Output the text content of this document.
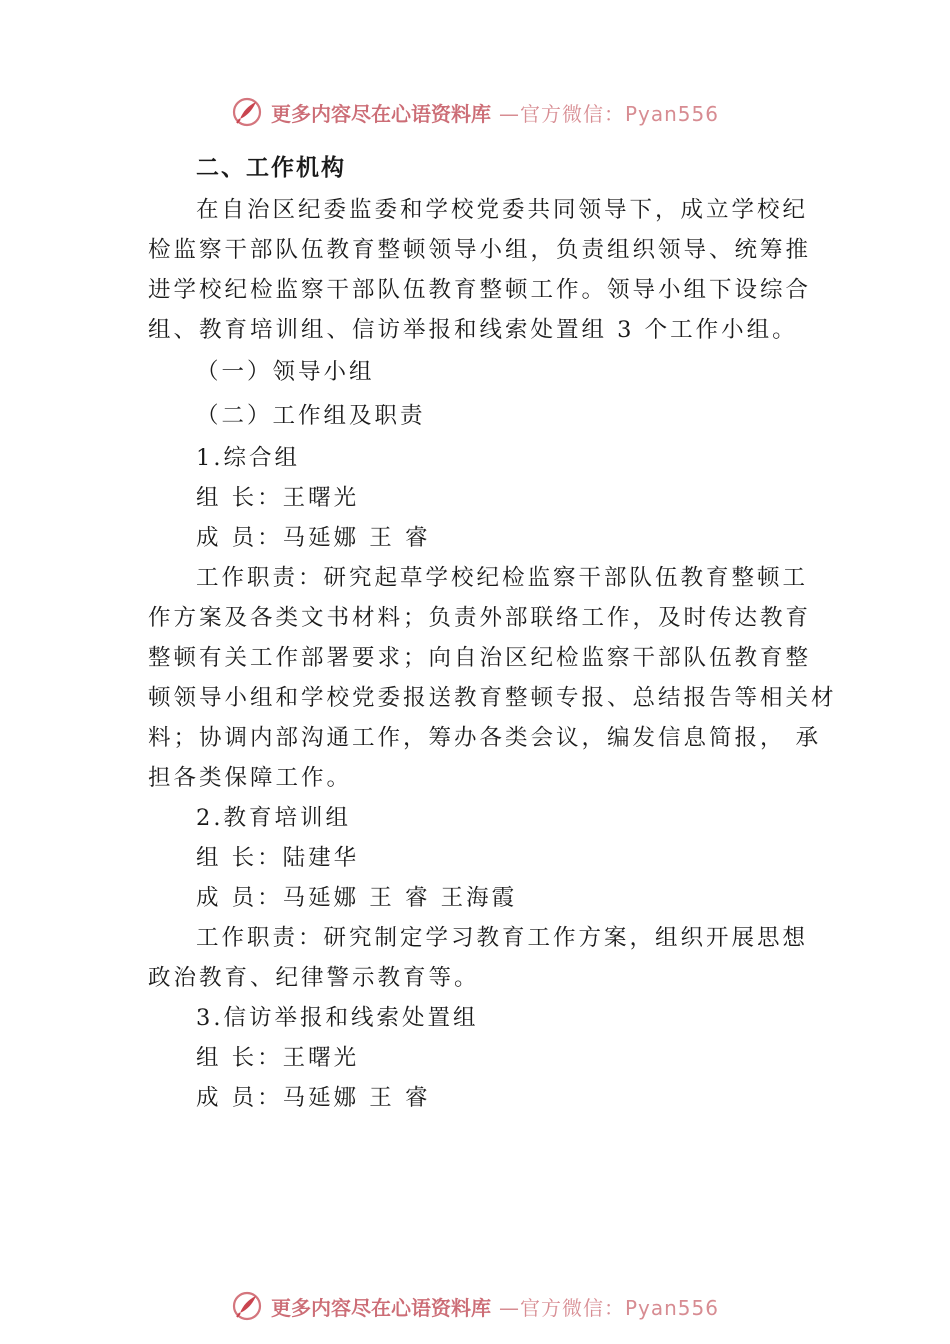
更多内容尽在心语资料库 —官方微信：Pyan556
二、工作机构
在自治区纪委监委和学校党委共同领导下，成立学校纪
检监察干部队伍教育整顿领导小组，负责组织领导、统筹推
进学校纪检监察干部队伍教育整顿工作。领导小组下设综合
组、教育培训组、信访举报和线索处置组 3 个工作小组。
（一）领导小组
（二）工作组及职责
1.综合组
组 长：王曙光
成 员：马延娜 王 睿
工作职责：研究起草学校纪检监察干部队伍教育整顿工
作方案及各类文书材料；负责外部联络工作，及时传达教育
整顿有关工作部署要求；向自治区纪检监察干部队伍教育整
顿领导小组和学校党委报送教育整顿专报、总结报告等相关材
料；协调内部沟通工作，筹办各类会议，编发信息简报， 承
担各类保障工作。
2.教育培训组
组 长：陆建华
成 员：马延娜 王 睿 王海霞
工作职责：研究制定学习教育工作方案，组织开展思想
政治教育、纪律警示教育等。
3.信访举报和线索处置组
组 长：王曙光
成 员：马延娜 王 睿
更多内容尽在心语资料库 —官方微信：Pyan556
